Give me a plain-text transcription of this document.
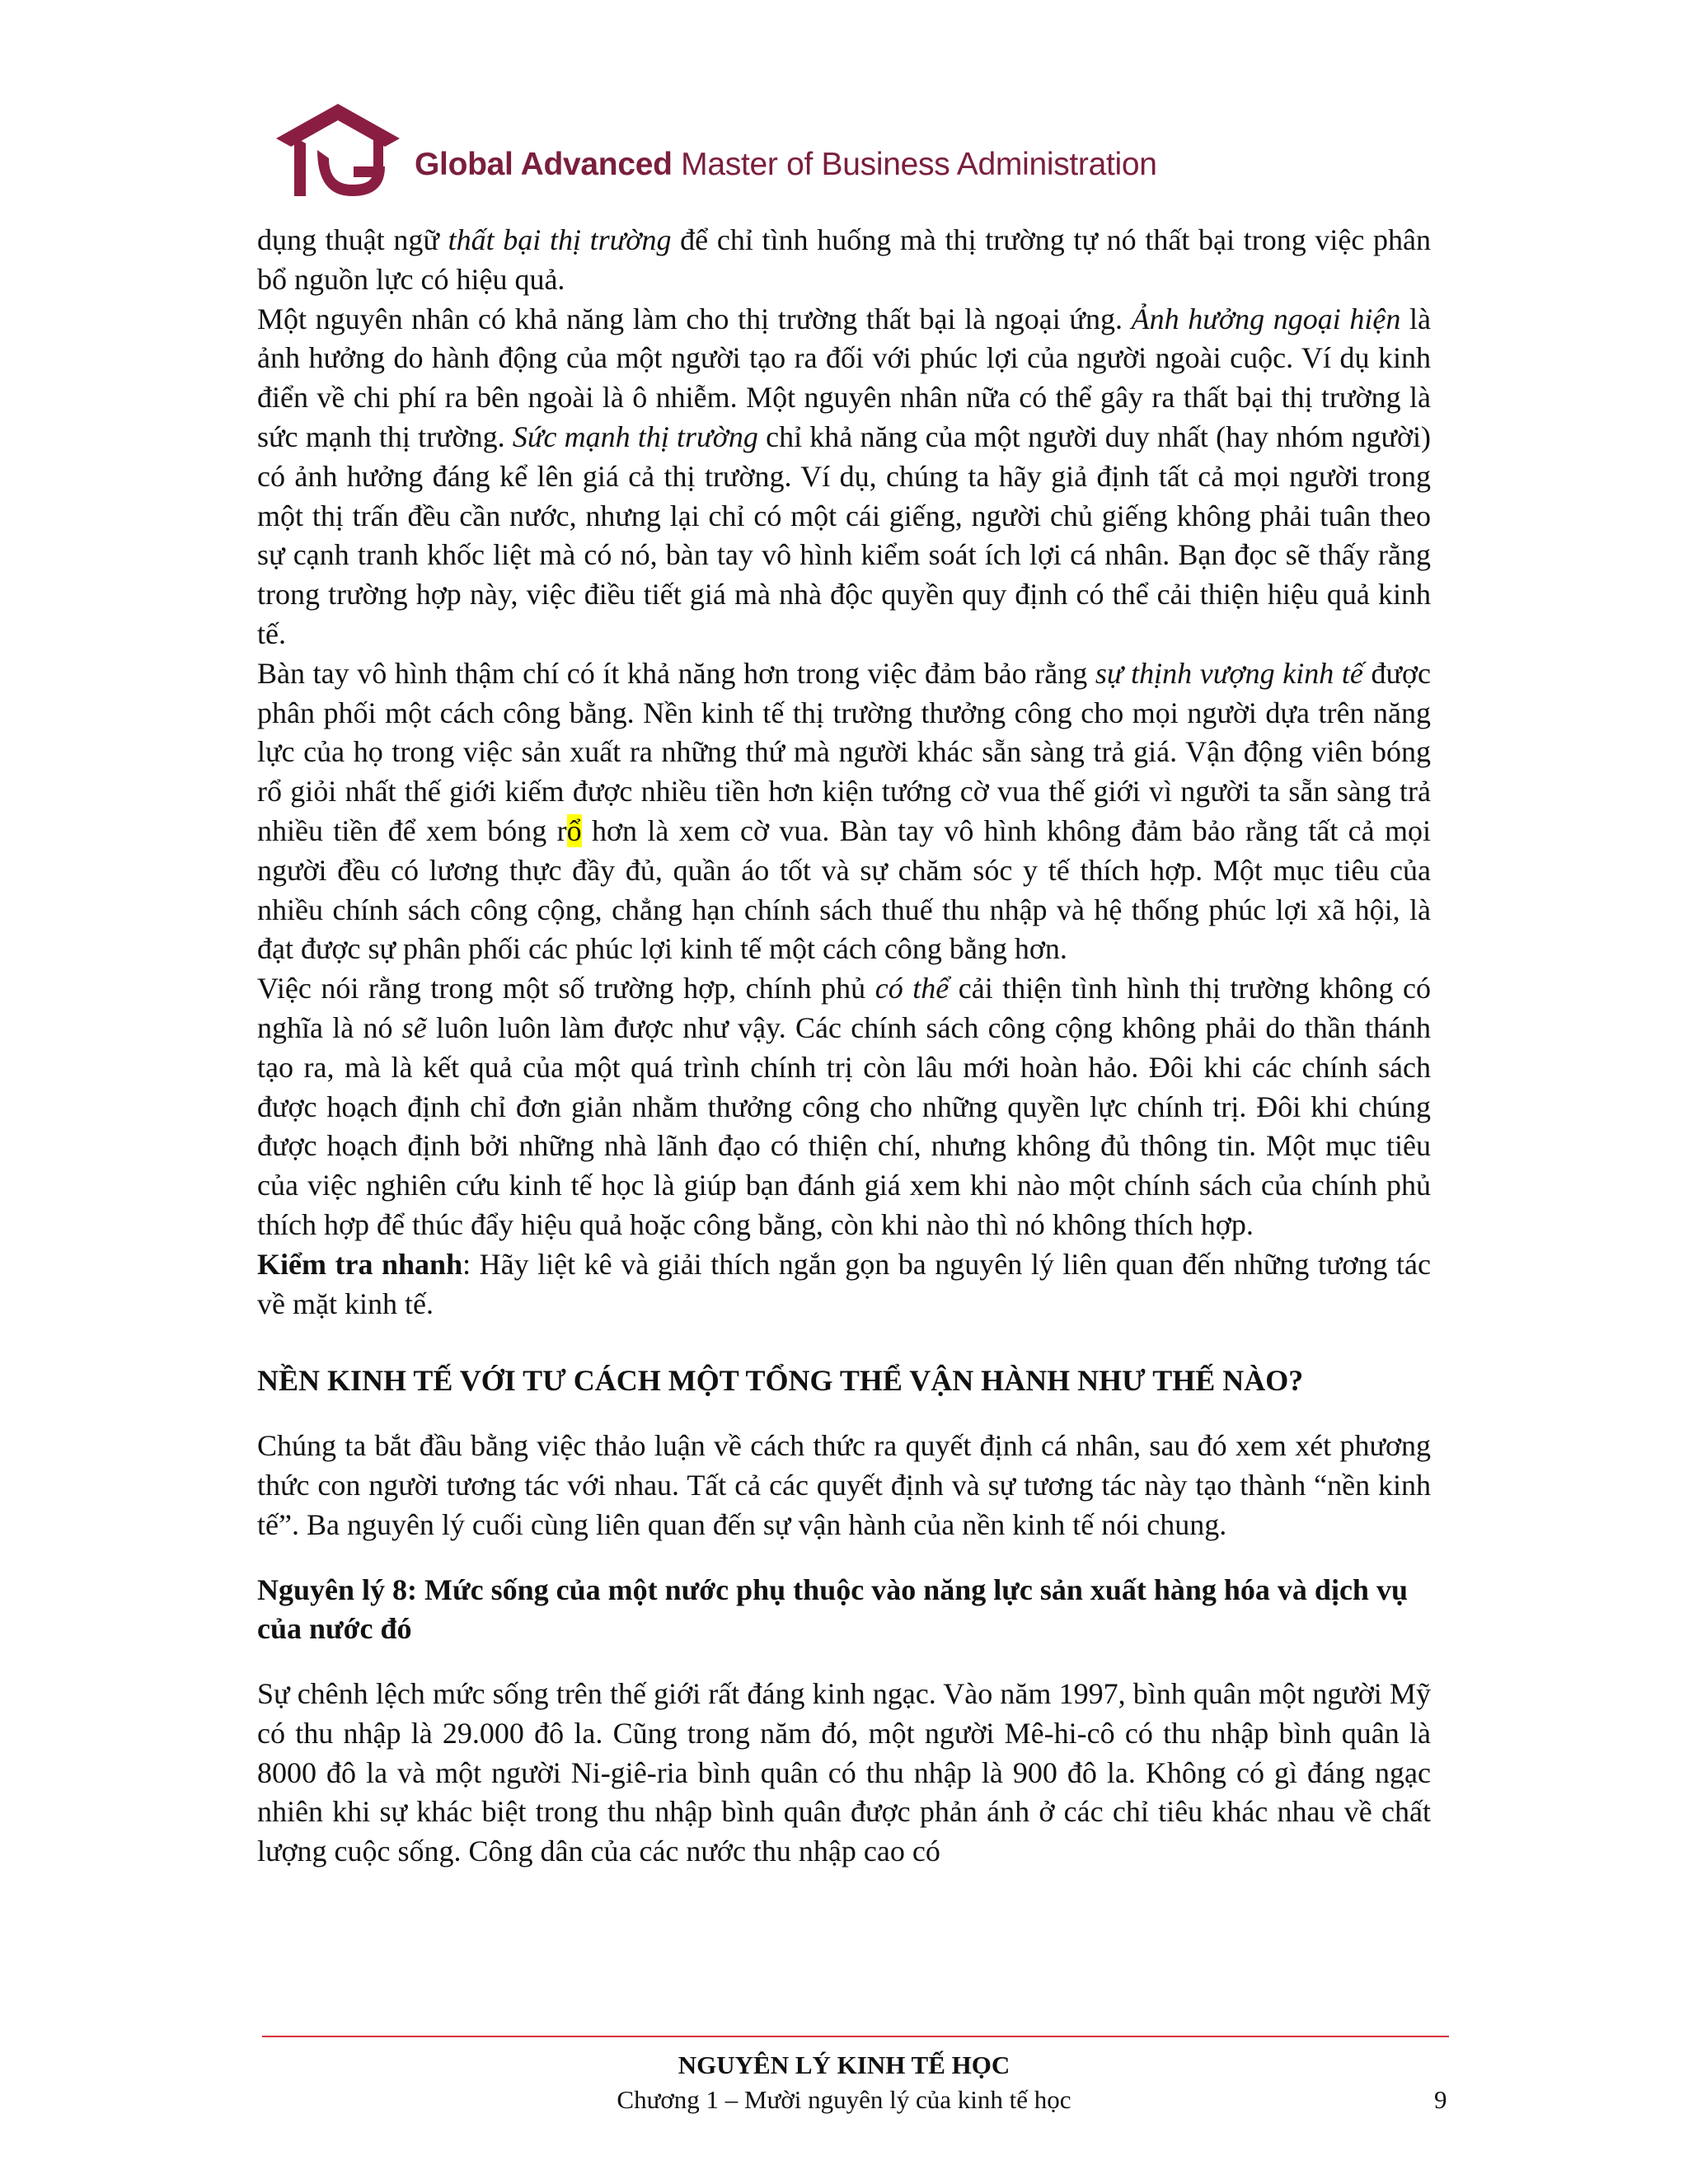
Global Advanced Master of Business Administration

dụng thuật ngữ thất bại thị trường để chỉ tình huống mà thị trường tự nó thất bại trong việc phân bổ nguồn lực có hiệu quả.

Một nguyên nhân có khả năng làm cho thị trường thất bại là ngoại ứng. Ảnh hưởng ngoại hiện là ảnh hưởng do hành động của một người tạo ra đối với phúc lợi của người ngoài cuộc. Ví dụ kinh điển về chi phí ra bên ngoài là ô nhiễm. Một nguyên nhân nữa có thể gây ra thất bại thị trường là sức mạnh thị trường. Sức mạnh thị trường chỉ khả năng của một người duy nhất (hay nhóm người) có ảnh hưởng đáng kể lên giá cả thị trường. Ví dụ, chúng ta hãy giả định tất cả mọi người trong một thị trấn đều cần nước, nhưng lại chỉ có một cái giếng, người chủ giếng không phải tuân theo sự cạnh tranh khốc liệt mà có nó, bàn tay vô hình kiểm soát ích lợi cá nhân. Bạn đọc sẽ thấy rằng trong trường hợp này, việc điều tiết giá mà nhà độc quyền quy định có thể cải thiện hiệu quả kinh tế.

Bàn tay vô hình thậm chí có ít khả năng hơn trong việc đảm bảo rằng sự thịnh vượng kinh tế được phân phối một cách công bằng. Nền kinh tế thị trường thưởng công cho mọi người dựa trên năng lực của họ trong việc sản xuất ra những thứ mà người khác sẵn sàng trả giá. Vận động viên bóng rổ giỏi nhất thế giới kiếm được nhiều tiền hơn kiện tướng cờ vua thế giới vì người ta sẵn sàng trả nhiều tiền để xem bóng rổ hơn là xem cờ vua. Bàn tay vô hình không đảm bảo rằng tất cả mọi người đều có lương thực đầy đủ, quần áo tốt và sự chăm sóc y tế thích hợp. Một mục tiêu của nhiều chính sách công cộng, chẳng hạn chính sách thuế thu nhập và hệ thống phúc lợi xã hội, là đạt được sự phân phối các phúc lợi kinh tế một cách công bằng hơn.

Việc nói rằng trong một số trường hợp, chính phủ có thể cải thiện tình hình thị trường không có nghĩa là nó sẽ luôn luôn làm được như vậy. Các chính sách công cộng không phải do thần thánh tạo ra, mà là kết quả của một quá trình chính trị còn lâu mới hoàn hảo. Đôi khi các chính sách được hoạch định chỉ đơn giản nhằm thưởng công cho những quyền lực chính trị. Đôi khi chúng được hoạch định bởi những nhà lãnh đạo có thiện chí, nhưng không đủ thông tin. Một mục tiêu của việc nghiên cứu kinh tế học là giúp bạn đánh giá xem khi nào một chính sách của chính phủ thích hợp để thúc đẩy hiệu quả hoặc công bằng, còn khi nào thì nó không thích hợp.

Kiểm tra nhanh: Hãy liệt kê và giải thích ngắn gọn ba nguyên lý liên quan đến những tương tác về mặt kinh tế.

NỀN KINH TẾ VỚI TƯ CÁCH MỘT TỔNG THỂ VẬN HÀNH NHƯ THẾ NÀO?

Chúng ta bắt đầu bằng việc thảo luận về cách thức ra quyết định cá nhân, sau đó xem xét phương thức con người tương tác với nhau. Tất cả các quyết định và sự tương tác này tạo thành “nền kinh tế”. Ba nguyên lý cuối cùng liên quan đến sự vận hành của nền kinh tế nói chung.

Nguyên lý 8: Mức sống của một nước phụ thuộc vào năng lực sản xuất hàng hóa và dịch vụ của nước đó

Sự chênh lệch mức sống trên thế giới rất đáng kinh ngạc. Vào năm 1997, bình quân một người Mỹ có thu nhập là 29.000 đô la. Cũng trong năm đó, một người Mê-hi-cô có thu nhập bình quân là 8000 đô la và một người Ni-giê-ria bình quân có thu nhập là 900 đô la. Không có gì đáng ngạc nhiên khi sự khác biệt trong thu nhập bình quân được phản ánh ở các chỉ tiêu khác nhau về chất lượng cuộc sống. Công dân của các nước thu nhập cao có

NGUYÊN LÝ KINH TẾ HỌC
Chương 1 – Mười nguyên lý của kinh tế học	9
